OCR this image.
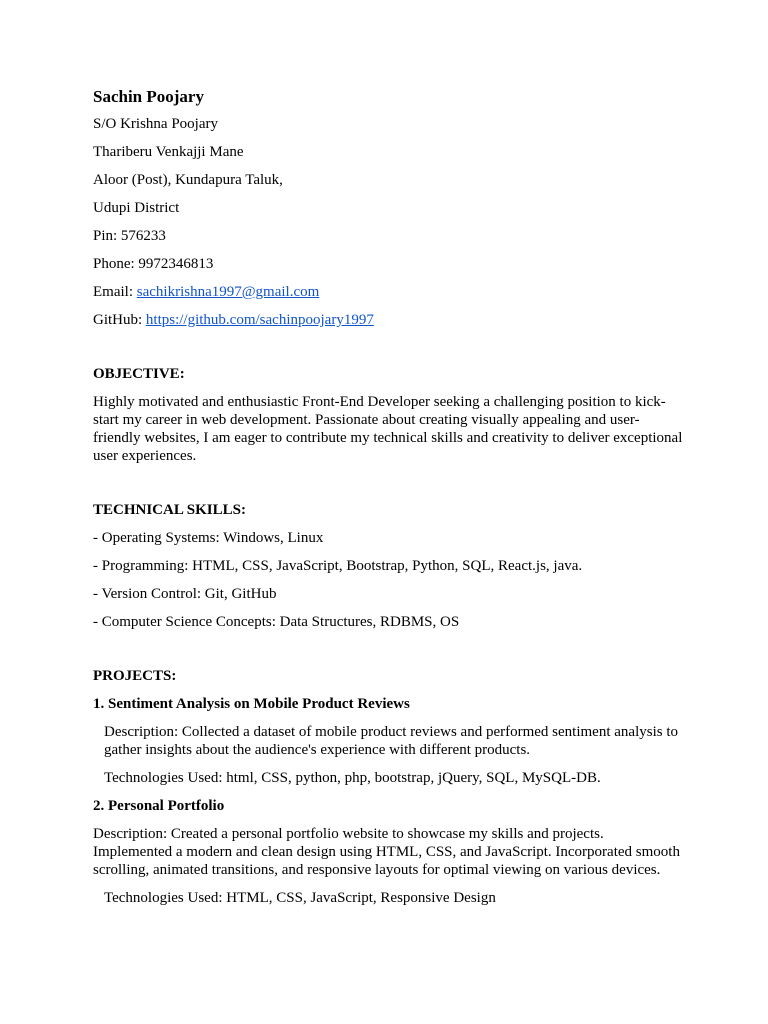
Sachin Poojary
S/O Krishna Poojary
Thariberu Venkajji Mane
Aloor (Post), Kundapura Taluk,
Udupi District
Pin: 576233
Phone: 9972346813
Email: sachikrishna1997@gmail.com
GitHub: https://github.com/sachinpoojary1997
OBJECTIVE:

Highly motivated and enthusiastic Front-End Developer seeking a challenging position to kick-start my career in web development. Passionate about creating visually appealing and user-friendly websites, I am eager to contribute my technical skills and creativity to deliver exceptional user experiences.

TECHNICAL SKILLS:
- Operating Systems: Windows, Linux
- Programming: HTML, CSS, JavaScript, Bootstrap, Python, SQL, React.js, java.
- Version Control: Git, GitHub
- Computer Science Concepts: Data Structures, RDBMS, OS
PROJECTS:
1. Sentiment Analysis on Mobile Product Reviews
Description: Collected a dataset of mobile product reviews and performed sentiment analysis to gather insights about the audience's experience with different products.
Technologies Used: html, CSS, python, php, bootstrap, jQuery, SQL, MySQL-DB.
2. Personal Portfolio
Description: Created a personal portfolio website to showcase my skills and projects. Implemented a modern and clean design using HTML, CSS, and JavaScript. Incorporated smooth scrolling, animated transitions, and responsive layouts for optimal viewing on various devices.
Technologies Used: HTML, CSS, JavaScript, Responsive Design
